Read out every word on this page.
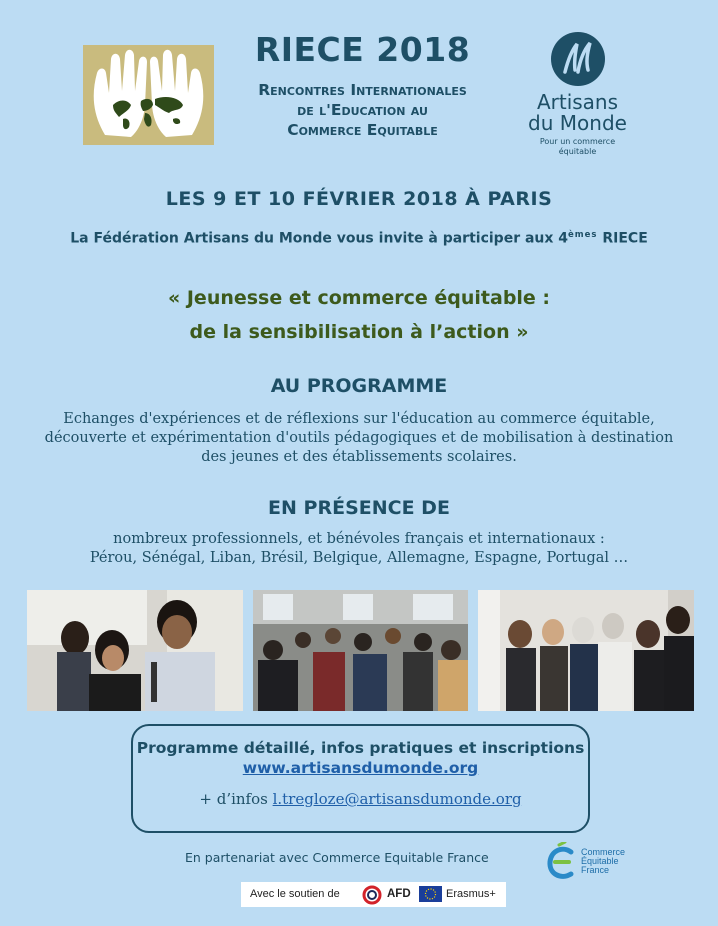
RIECE 2018
Rencontres Internationales
de l'Education au
Commerce Equitable
Artisans
du Monde
Pour un commerce
équitable
LES 9 ET 10 FÉVRIER 2018 À PARIS
La Fédération Artisans du Monde vous invite à participer aux 4èmes RIECE
« Jeunesse et commerce équitable :
de la sensibilisation à l’action »
AU PROGRAMME
Echanges d'expériences et de réflexions sur l'éducation au commerce équitable,
découverte et expérimentation d'outils pédagogiques et de mobilisation à destination
des jeunes et des établissements scolaires.
EN PRÉSENCE DE
nombreux professionnels, et bénévoles français et internationaux :
Pérou, Sénégal, Liban, Brésil, Belgique, Allemagne, Espagne, Portugal …
Programme détaillé, infos pratiques et inscriptions
www.artisansdumonde.org
+ d’infos l.tregloze@artisansdumonde.org
En partenariat avec Commerce Equitable France	Commerce
Équitable
France
Avec le soutien de	AFD	Erasmus+
